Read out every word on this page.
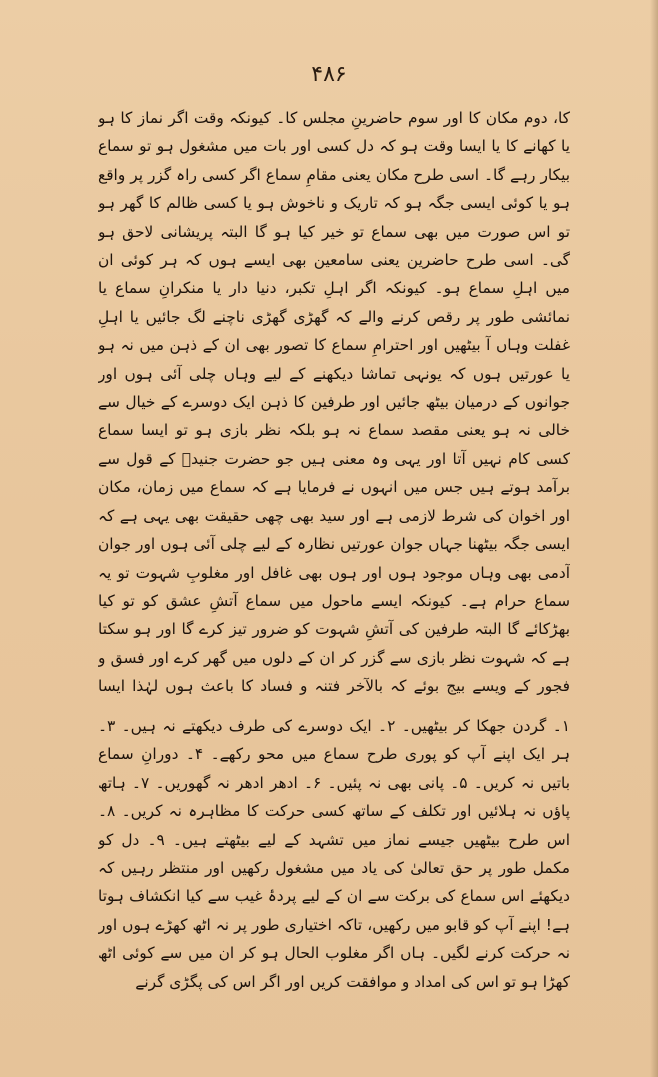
۴۸۶

کا، دوم مکان کا اور سوم حاضرینِ مجلس کا۔ کیونکہ وقت اگر نماز کا ہو یا کھانے کا یا ایسا وقت ہو کہ دل کسی اور بات میں مشغول ہو تو سماع بیکار رہے گا۔ اسی طرح مکان یعنی مقامِ سماع اگر کسی راہ گزر پر واقع ہو یا کوئی ایسی جگہ ہو کہ تاریک و ناخوش ہو یا کسی ظالم کا گھر ہو تو اس صورت میں بھی سماع تو خیر کیا ہو گا البتہ پریشانی لاحق ہو گی۔ اسی طرح حاضرین یعنی سامعین بھی ایسے ہوں کہ ہر کوئی ان میں اہلِ سماع ہو۔ کیونکہ اگر اہلِ تکبر، دنیا دار یا منکرانِ سماع یا نمائشی طور پر رقص کرنے والے کہ گھڑی گھڑی ناچنے لگ جائیں یا اہلِ غفلت وہاں آ بیٹھیں اور احترامِ سماع کا تصور بھی ان کے ذہن میں نہ ہو یا عورتیں ہوں کہ یونہی تماشا دیکھنے کے لیے وہاں چلی آئی ہوں اور جوانوں کے درمیان بیٹھ جائیں اور طرفین کا ذہن ایک دوسرے کے خیال سے خالی نہ ہو یعنی مقصد سماع نہ ہو بلکہ نظر بازی ہو تو ایسا سماع کسی کام نہیں آتا اور یہی وہ معنی ہیں جو حضرت جنیدؒ کے قول سے برآمد ہوتے ہیں جس میں انہوں نے فرمایا ہے کہ سماع میں زمان، مکان اور اخوان کی شرط لازمی ہے اور سید بھی چھی حقیقت بھی یہی ہے کہ ایسی جگہ بیٹھنا جہاں جوان عورتیں نظارہ کے لیے چلی آئی ہوں اور جوان آدمی بھی وہاں موجود ہوں اور ہوں بھی غافل اور مغلوبِ شہوت تو یہ سماع حرام ہے۔ کیونکہ ایسے ماحول میں سماع آتشِ عشق کو تو کیا بھڑکائے گا البتہ طرفین کی آتشِ شہوت کو ضرور تیز کرے گا اور ہو سکتا ہے کہ شہوت نظر بازی سے گزر کر ان کے دلوں میں گھر کرے اور فسق و فجور کے ویسے بیج بوئے کہ بالآخر فتنہ و فساد کا باعث ہوں لہٰذا ایسا

۱۔ گردن جھکا کر بیٹھیں۔ ۲۔ ایک دوسرے کی طرف دیکھتے نہ ہیں۔ ۳۔ ہر ایک اپنے آپ کو پوری طرح سماع میں محو رکھے۔ ۴۔ دورانِ سماع باتیں نہ کریں۔ ۵۔ پانی بھی نہ پئیں۔ ۶۔ ادھر ادھر نہ گھوریں۔ ۷۔ ہاتھ پاؤں نہ ہلائیں اور تکلف کے ساتھ کسی حرکت کا مظاہرہ نہ کریں۔ ۸۔ اس طرح بیٹھیں جیسے نماز میں تشہد کے لیے بیٹھتے ہیں۔ ۹۔ دل کو مکمل طور پر حق تعالیٰ کی یاد میں مشغول رکھیں اور منتظر رہیں کہ دیکھئے اس سماع کی برکت سے ان کے لیے پردۂ غیب سے کیا انکشاف ہوتا ہے! اپنے آپ کو قابو میں رکھیں، تاکہ اختیاری طور پر نہ اٹھ کھڑے ہوں اور نہ حرکت کرنے لگیں۔ ہاں اگر مغلوب الحال ہو کر ان میں سے کوئی اٹھ کھڑا ہو تو اس کی امداد و موافقت کریں اور اگر اس کی پگڑی گرنے
